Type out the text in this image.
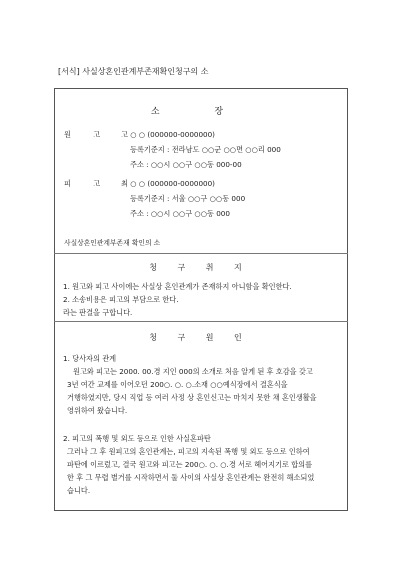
[서식] 사실상혼인관계부존재확인청구의 소
소 장
원 고 고 ○ ○ (000000-0000000)
등록기준지 : 전라남도 ○○군 ○○면 ○○리 000
주소 : ○○시 ○○구 ○○동 000-00
피 고 최 ○ ○ (000000-0000000)
등록기준지 : 서울 ○○구 ○○동 000
주소 : ○○시 ○○구 ○○동 000
사실상혼인관계부존재 확인의 소
청 구 취 지

1. 원고와 피고 사이에는 사실상 혼인관계가 존재하지 아니함을 확인한다.

2. 소송비용은 피고의 부담으로 한다.

라는 판결을 구합니다.

청 구 원 인

1. 당사자의 관계

원고와 피고는 2000. 00.경 지인 000의 소개로 처음 알게 된 후 호감을 갖고

3년 여간 교제를 이어오던 200○. ○. ○.소재 ○○예식장에서 결혼식을

거행하였지만, 당시 직업 등 여러 사정 상 혼인신고는 마치지 못한 채 혼인생활을

영위하여 왔습니다.

2. 피고의 폭행 및 외도 등으로 인한 사실혼파탄

그러나 그 후 원피고의 혼인관계는, 피고의 지속된 폭행 및 외도 등으로 인하여

파탄에 이르렀고, 결국 원고와 피고는 200○. ○. ○.경 서로 헤어지기로 합의를

한 후 그 무렵 별거를 시작하면서 둘 사이의 사실상 혼인관계는 완전히 해소되었

습니다.
